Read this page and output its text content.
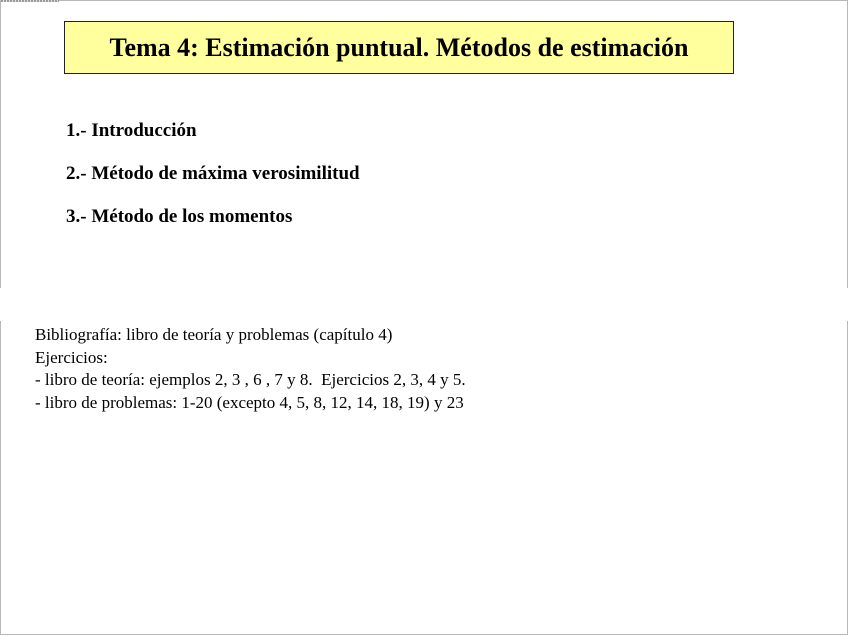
Tema 4: Estimación puntual. Métodos de estimación
1.- Introducción
2.- Método de máxima verosimilitud
3.- Método de los momentos
Bibliografía: libro de teoría y problemas (capítulo 4)
Ejercicios:
- libro de teoría: ejemplos 2, 3 , 6 , 7 y 8.  Ejercicios 2, 3, 4 y 5.
- libro de problemas: 1-20 (excepto 4, 5, 8, 12, 14, 18, 19) y 23
